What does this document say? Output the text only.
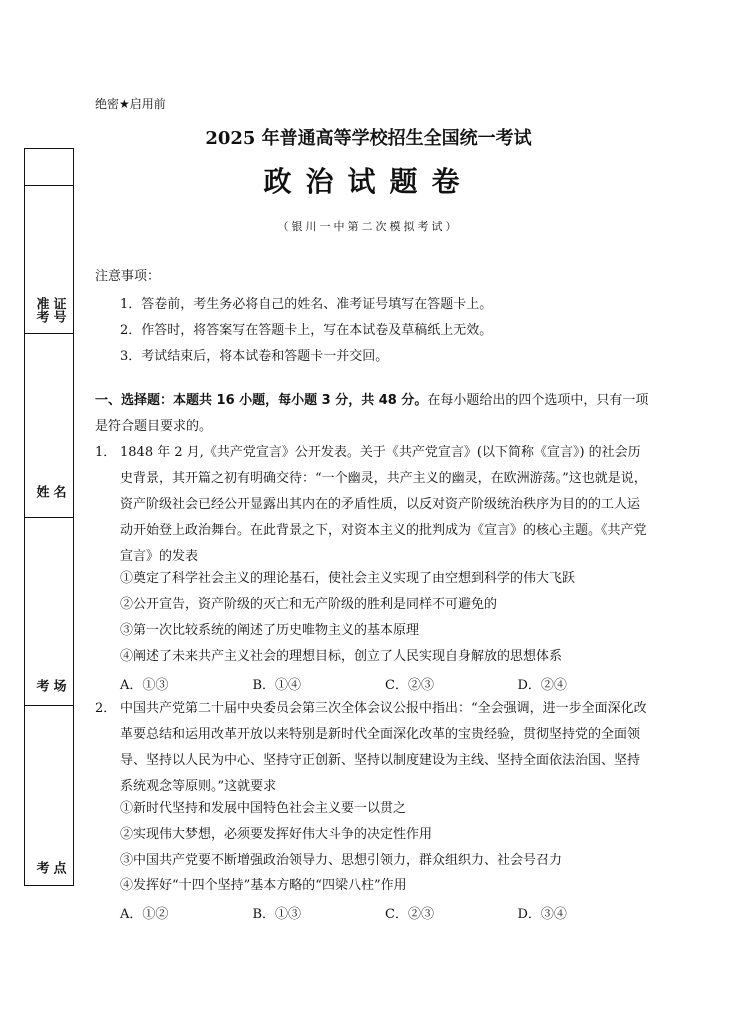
绝密★启用前
2025 年普通高等学校招生全国统一考试
政治试题卷
（银川一中第二次模拟考试）
准考 证号
姓 名
考 场
考 点
注意事项：
1．答卷前，考生务必将自己的姓名、准考证号填写在答题卡上。
2．作答时，将答案写在答题卡上，写在本试卷及草稿纸上无效。
3．考试结束后，将本试卷和答题卡一并交回。
一、选择题：本题共 16 小题，每小题 3 分，共 48 分。在每小题给出的四个选项中，只有一项是符合题目要求的。
1． 1848 年 2 月,《共产党宣言》公开发表。关于《共产党宣言》(以下简称《宣言》) 的社会历史背景，其开篇之初有明确交待：“一个幽灵，共产主义的幽灵，在欧洲游荡。”这也就是说，资产阶级社会已经公开显露出其内在的矛盾性质，以反对资产阶级统治秩序为目的的工人运动开始登上政治舞台。在此背景之下，对资本主义的批判成为《宣言》的核心主题。《共产党宣言》的发表
①奠定了科学社会主义的理论基石，使社会主义实现了由空想到科学的伟大飞跃
②公开宣告，资产阶级的灭亡和无产阶级的胜利是同样不可避免的
③第一次比较系统的阐述了历史唯物主义的基本原理
④阐述了未来共产主义社会的理想目标，创立了人民实现自身解放的思想体系
A．①③	B．①④	C．②③	D．②④
2． 中国共产党第二十届中央委员会第三次全体会议公报中指出：“全会强调，进一步全面深化改革要总结和运用改革开放以来特别是新时代全面深化改革的宝贵经验，贯彻坚持党的全面领导、坚持以人民为中心、坚持守正创新、坚持以制度建设为主线、坚持全面依法治国、坚持系统观念等原则。”这就要求
①新时代坚持和发展中国特色社会主义要一以贯之
②实现伟大梦想，必须要发挥好伟大斗争的决定性作用
③中国共产党要不断增强政治领导力、思想引领力，群众组织力、社会号召力
④发挥好“十四个坚持”基本方略的“四梁八柱”作用
A．①②	B．①③	C．②③	D．③④
